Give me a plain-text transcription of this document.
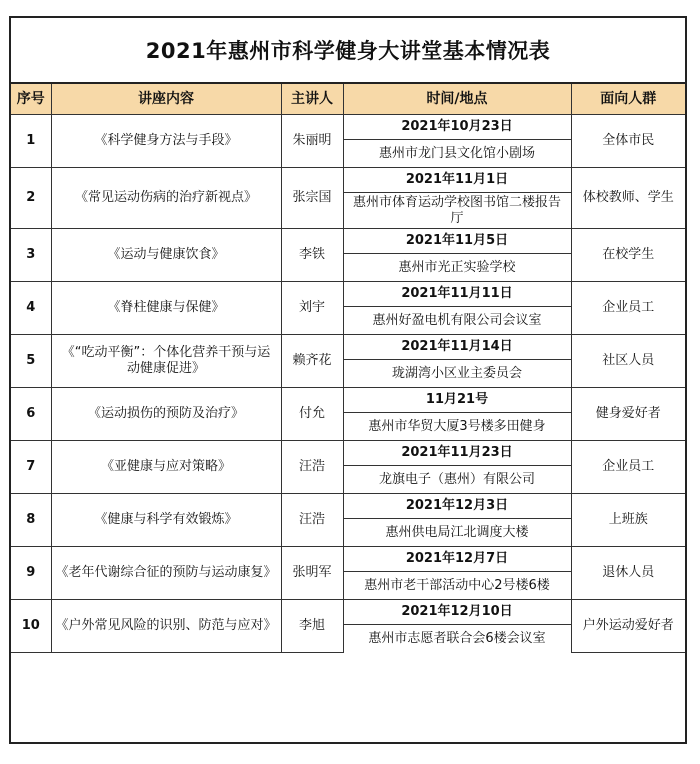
2021年惠州市科学健身大讲堂基本情况表
序号	讲座内容	主讲人	时间/地点	面向人群
1	《科学健身方法与手段》	朱丽明	2021年10月23日	全体市民
			惠州市龙门县文化馆小剧场	
2	《常见运动伤病的治疗新视点》	张宗国	2021年11月1日	体校教师、学生
			惠州市体育运动学校图书馆二楼报告厅	
3	《运动与健康饮食》	李铁	2021年11月5日	在校学生
			惠州市光正实验学校	
4	《脊柱健康与保健》	刘宇	2021年11月11日	企业员工
			惠州好盈电机有限公司会议室	
5	《“吃动平衡”：个体化营养干预与运动健康促进》	赖齐花	2021年11月14日	社区人员
			珑湖湾小区业主委员会	
6	《运动损伤的预防及治疗》	付允	11月21号	健身爱好者
			惠州市华贸大厦3号楼多田健身	
7	《亚健康与应对策略》	汪浩	2021年11月23日	企业员工
			龙旗电子（惠州）有限公司	
8	《健康与科学有效锻炼》	汪浩	2021年12月3日	上班族
			惠州供电局江北调度大楼	
9	《老年代谢综合征的预防与运动康复》	张明军	2021年12月7日	退休人员
			惠州市老干部活动中心2号楼6楼	
10	《户外常见风险的识别、防范与应对》	李旭	2021年12月10日	户外运动爱好者
			惠州市志愿者联合会6楼会议室	
